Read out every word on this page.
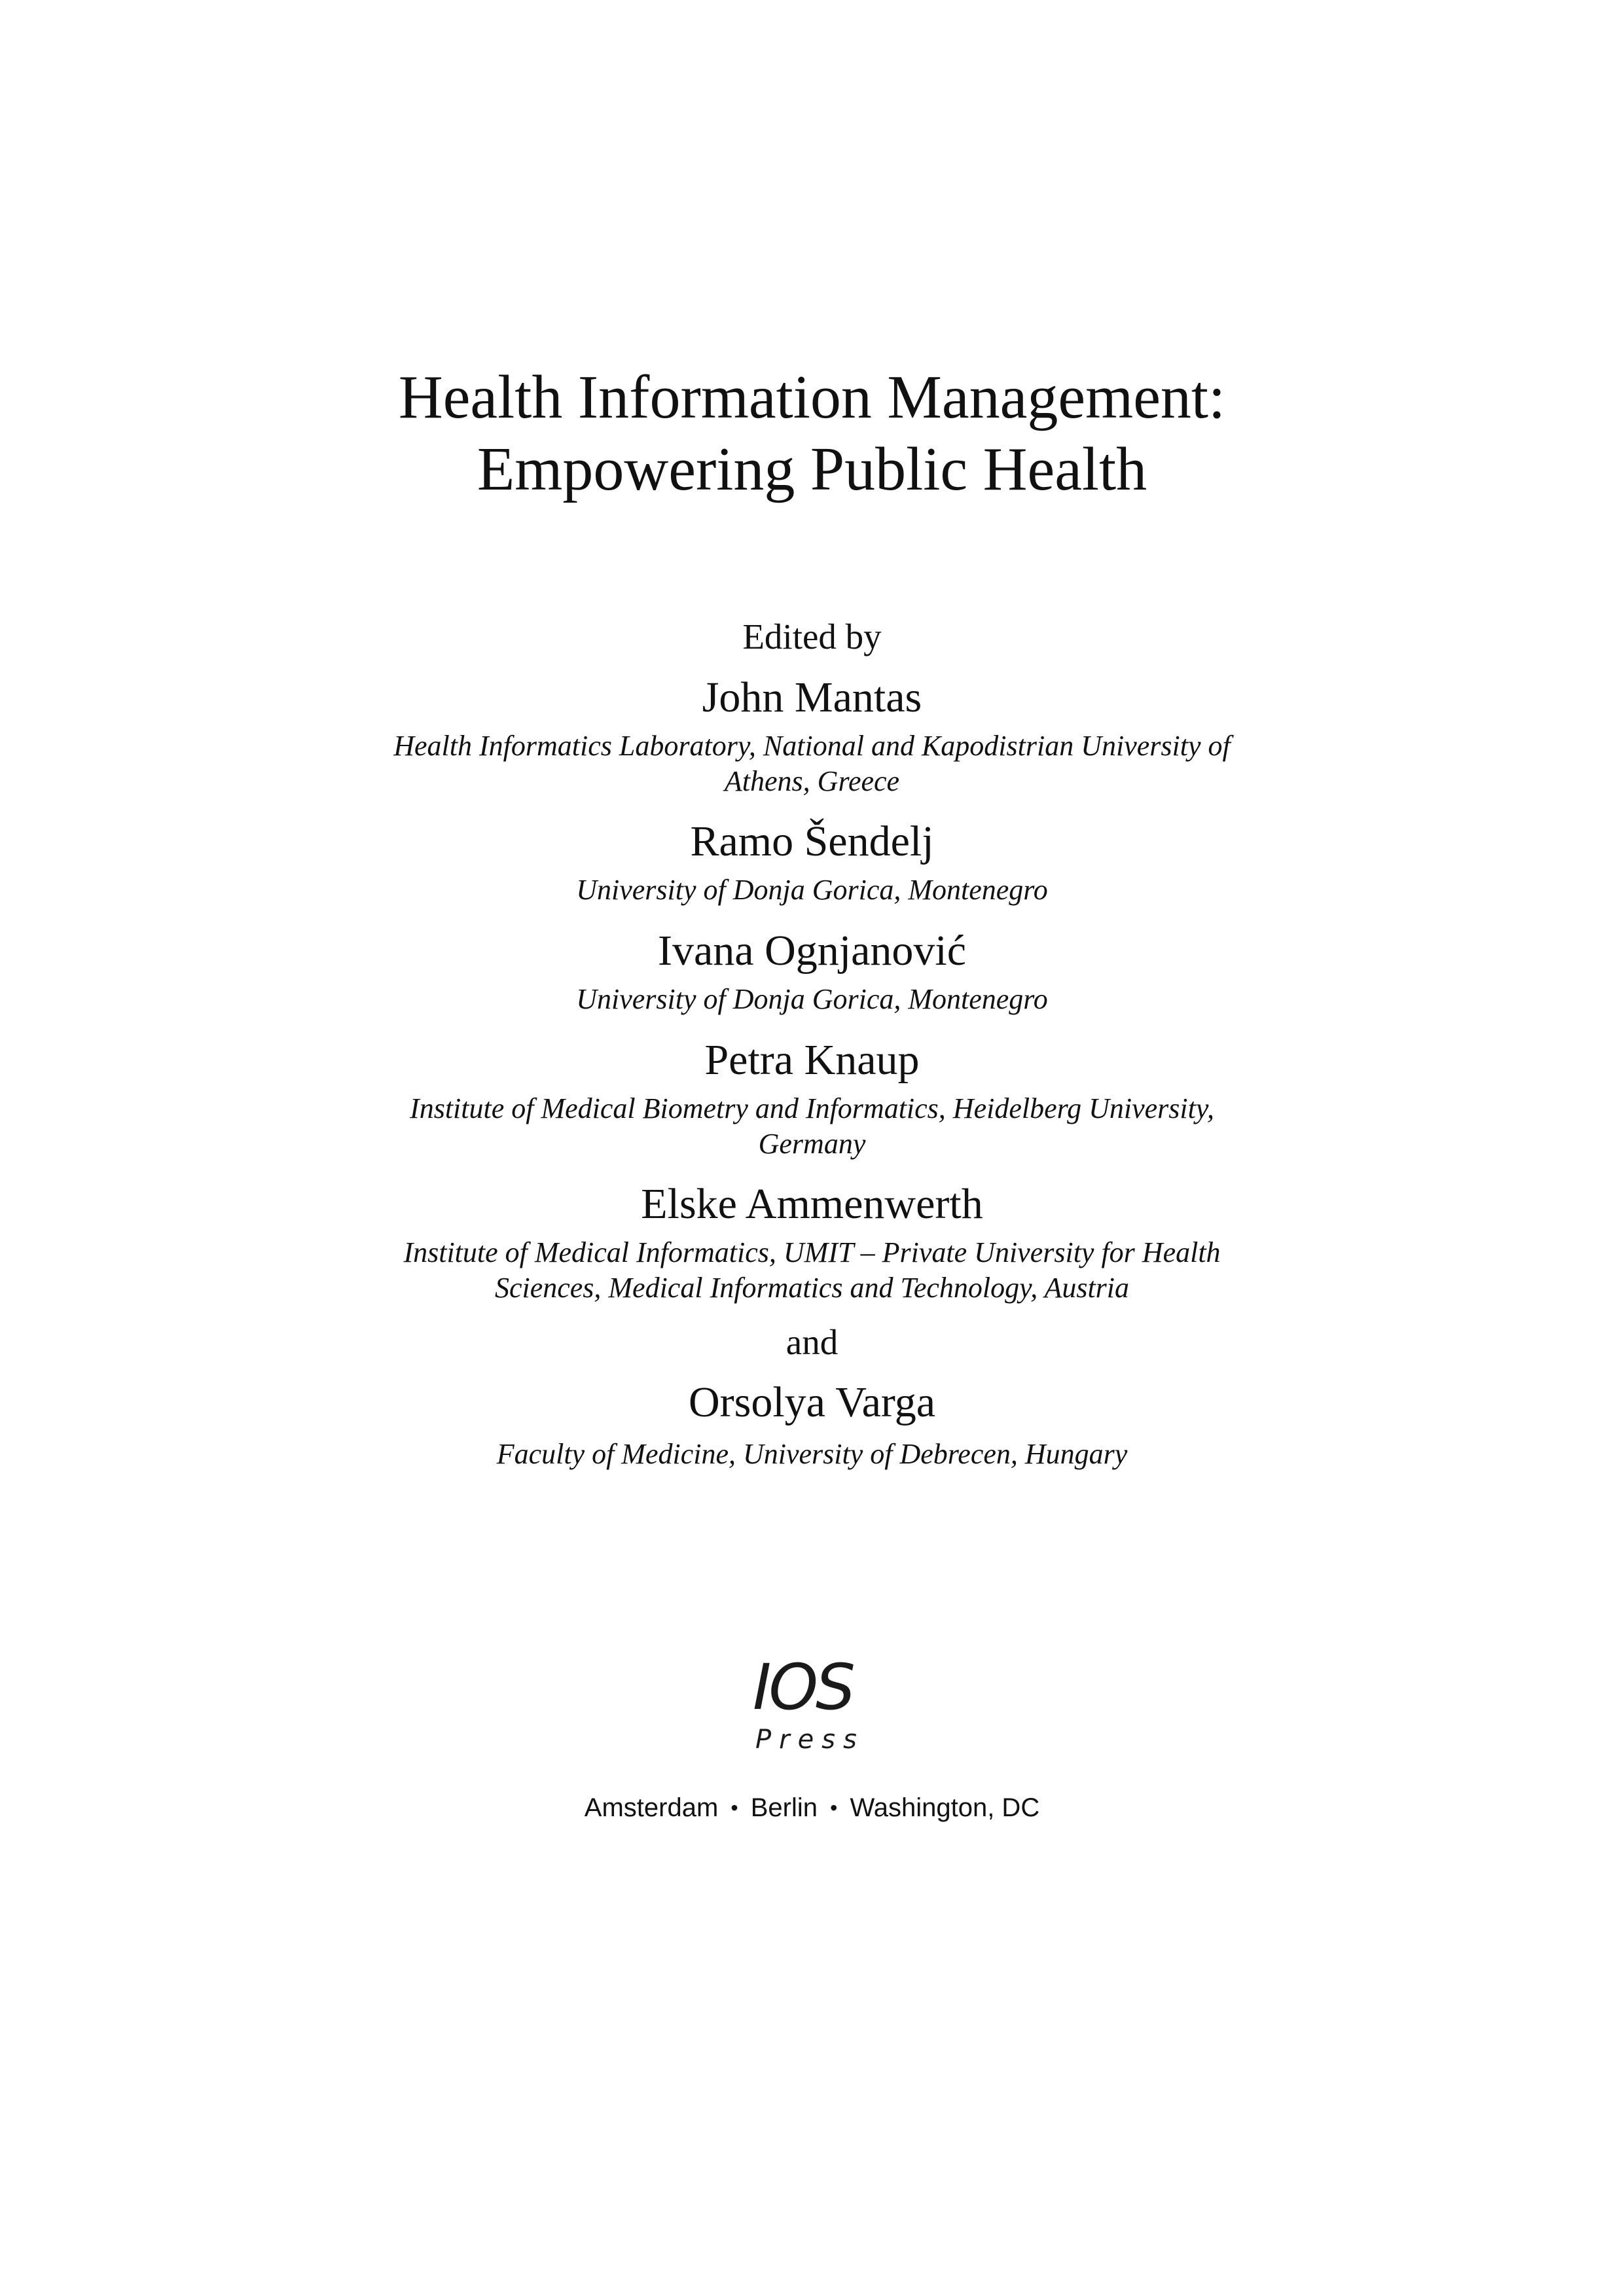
Health Information Management:
Empowering Public Health
Edited by
John Mantas
Health Informatics Laboratory, National and Kapodistrian University of
Athens, Greece
Ramo Šendelj
University of Donja Gorica, Montenegro
Ivana Ognjanović
University of Donja Gorica, Montenegro
Petra Knaup
Institute of Medical Biometry and Informatics, Heidelberg University,
Germany
Elske Ammenwerth
Institute of Medical Informatics, UMIT – Private University for Health
Sciences, Medical Informatics and Technology, Austria
and
Orsolya Varga
Faculty of Medicine, University of Debrecen, Hungary
IOS
Press
Amsterdam • Berlin • Washington, DC
